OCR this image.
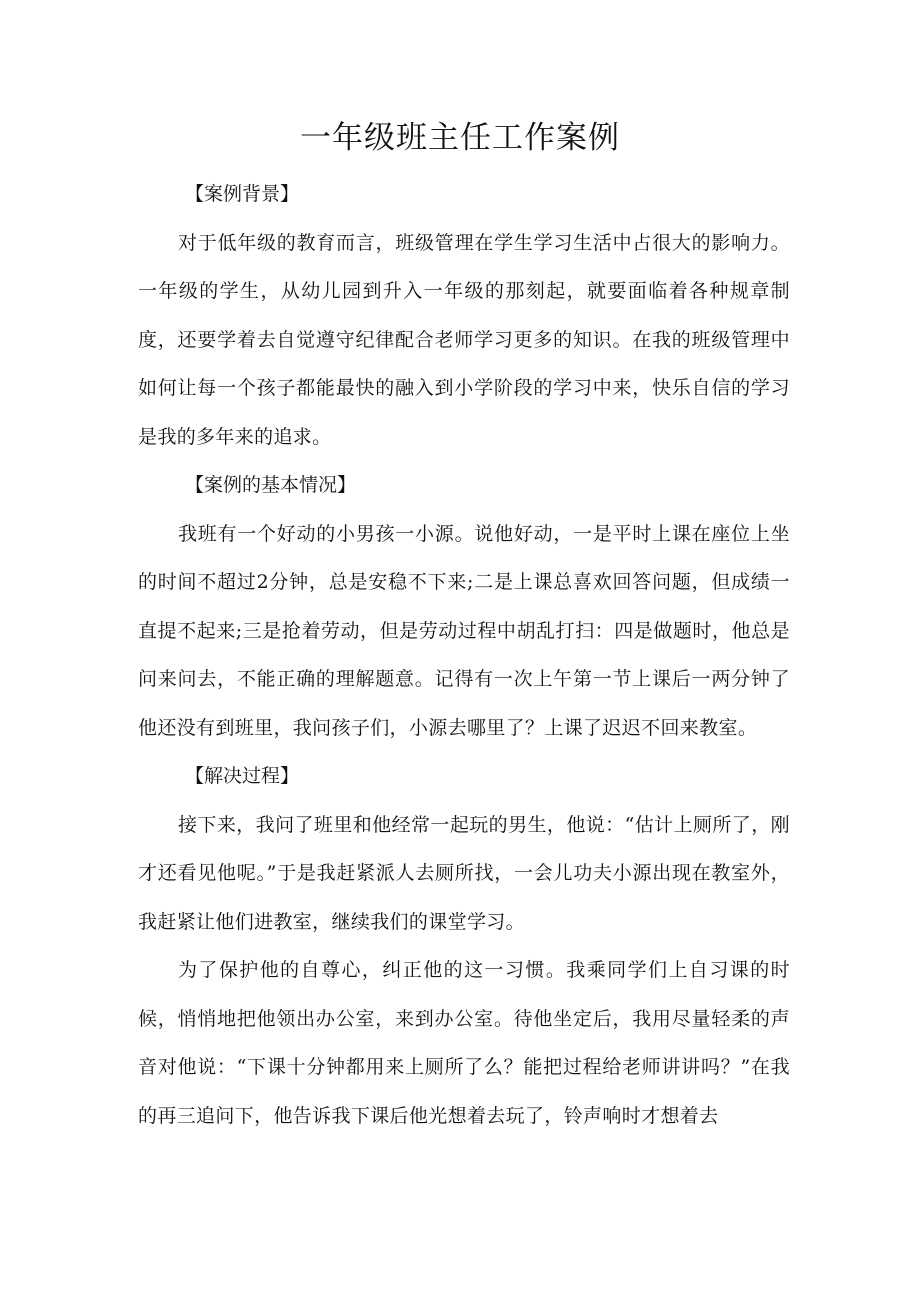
一年级班主任工作案例
【案例背景】

对于低年级的教育而言，班级管理在学生学习生活中占很大的影响力。一年级的学生，从幼儿园到升入一年级的那刻起，就要面临着各种规章制度，还要学着去自觉遵守纪律配合老师学习更多的知识。在我的班级管理中如何让每一个孩子都能最快的融入到小学阶段的学习中来，快乐自信的学习是我的多年来的追求。

【案例的基本情况】

我班有一个好动的小男孩一小源。说他好动，一是平时上课在座位上坐的时间不超过2分钟，总是安稳不下来;二是上课总喜欢回答问题，但成绩一直提不起来;三是抢着劳动，但是劳动过程中胡乱打扫：四是做题时，他总是问来问去，不能正确的理解题意。记得有一次上午第一节上课后一两分钟了他还没有到班里，我问孩子们，小源去哪里了？上课了迟迟不回来教室。

【解决过程】

接下来，我问了班里和他经常一起玩的男生，他说：“估计上厕所了，刚才还看见他呢。”于是我赶紧派人去厕所找，一会儿功夫小源出现在教室外，我赶紧让他们进教室，继续我们的课堂学习。

为了保护他的自尊心，纠正他的这一习惯。我乘同学们上自习课的时候，悄悄地把他领出办公室，来到办公室。待他坐定后，我用尽量轻柔的声音对他说：“下课十分钟都用来上厕所了么？能把过程给老师讲讲吗？”在我的再三追问下，他告诉我下课后他光想着去玩了，铃声响时才想着去
